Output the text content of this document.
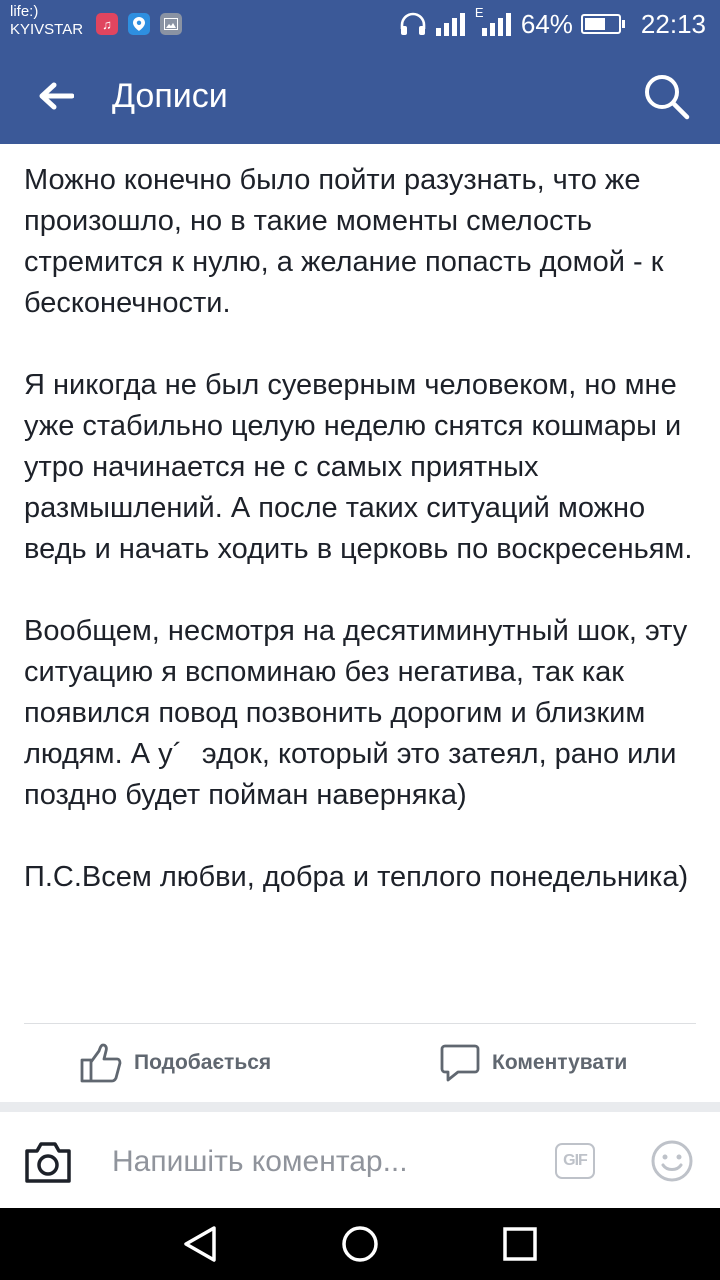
life:)
KYIVSTAR	♫
E 64%	22:13
Дописи

Можно конечно было пойти разузнать, что же произошло, но в такие моменты смелость стремится к нулю, а желание попасть домой - к бесконечности.

Я никогда не был суеверным человеком, но мне уже стабильно целую неделю снятся кошмары и утро начинается не с самых приятных размышлений. А после таких ситуаций можно ведь и начать ходить в церковь по воскресеньям.

Вообщем, несмотря на десятиминутный шок, эту ситуацию я вспоминаю без негатива, так как появился повод позвонить дорогим и близким людям. А у´   эдок, который это затеял, рано или поздно будет пойман наверняка)

П.С.Всем любви, добра и теплого понедельника)

Подобається	Коментувати
Напишіть коментар...
GIF
